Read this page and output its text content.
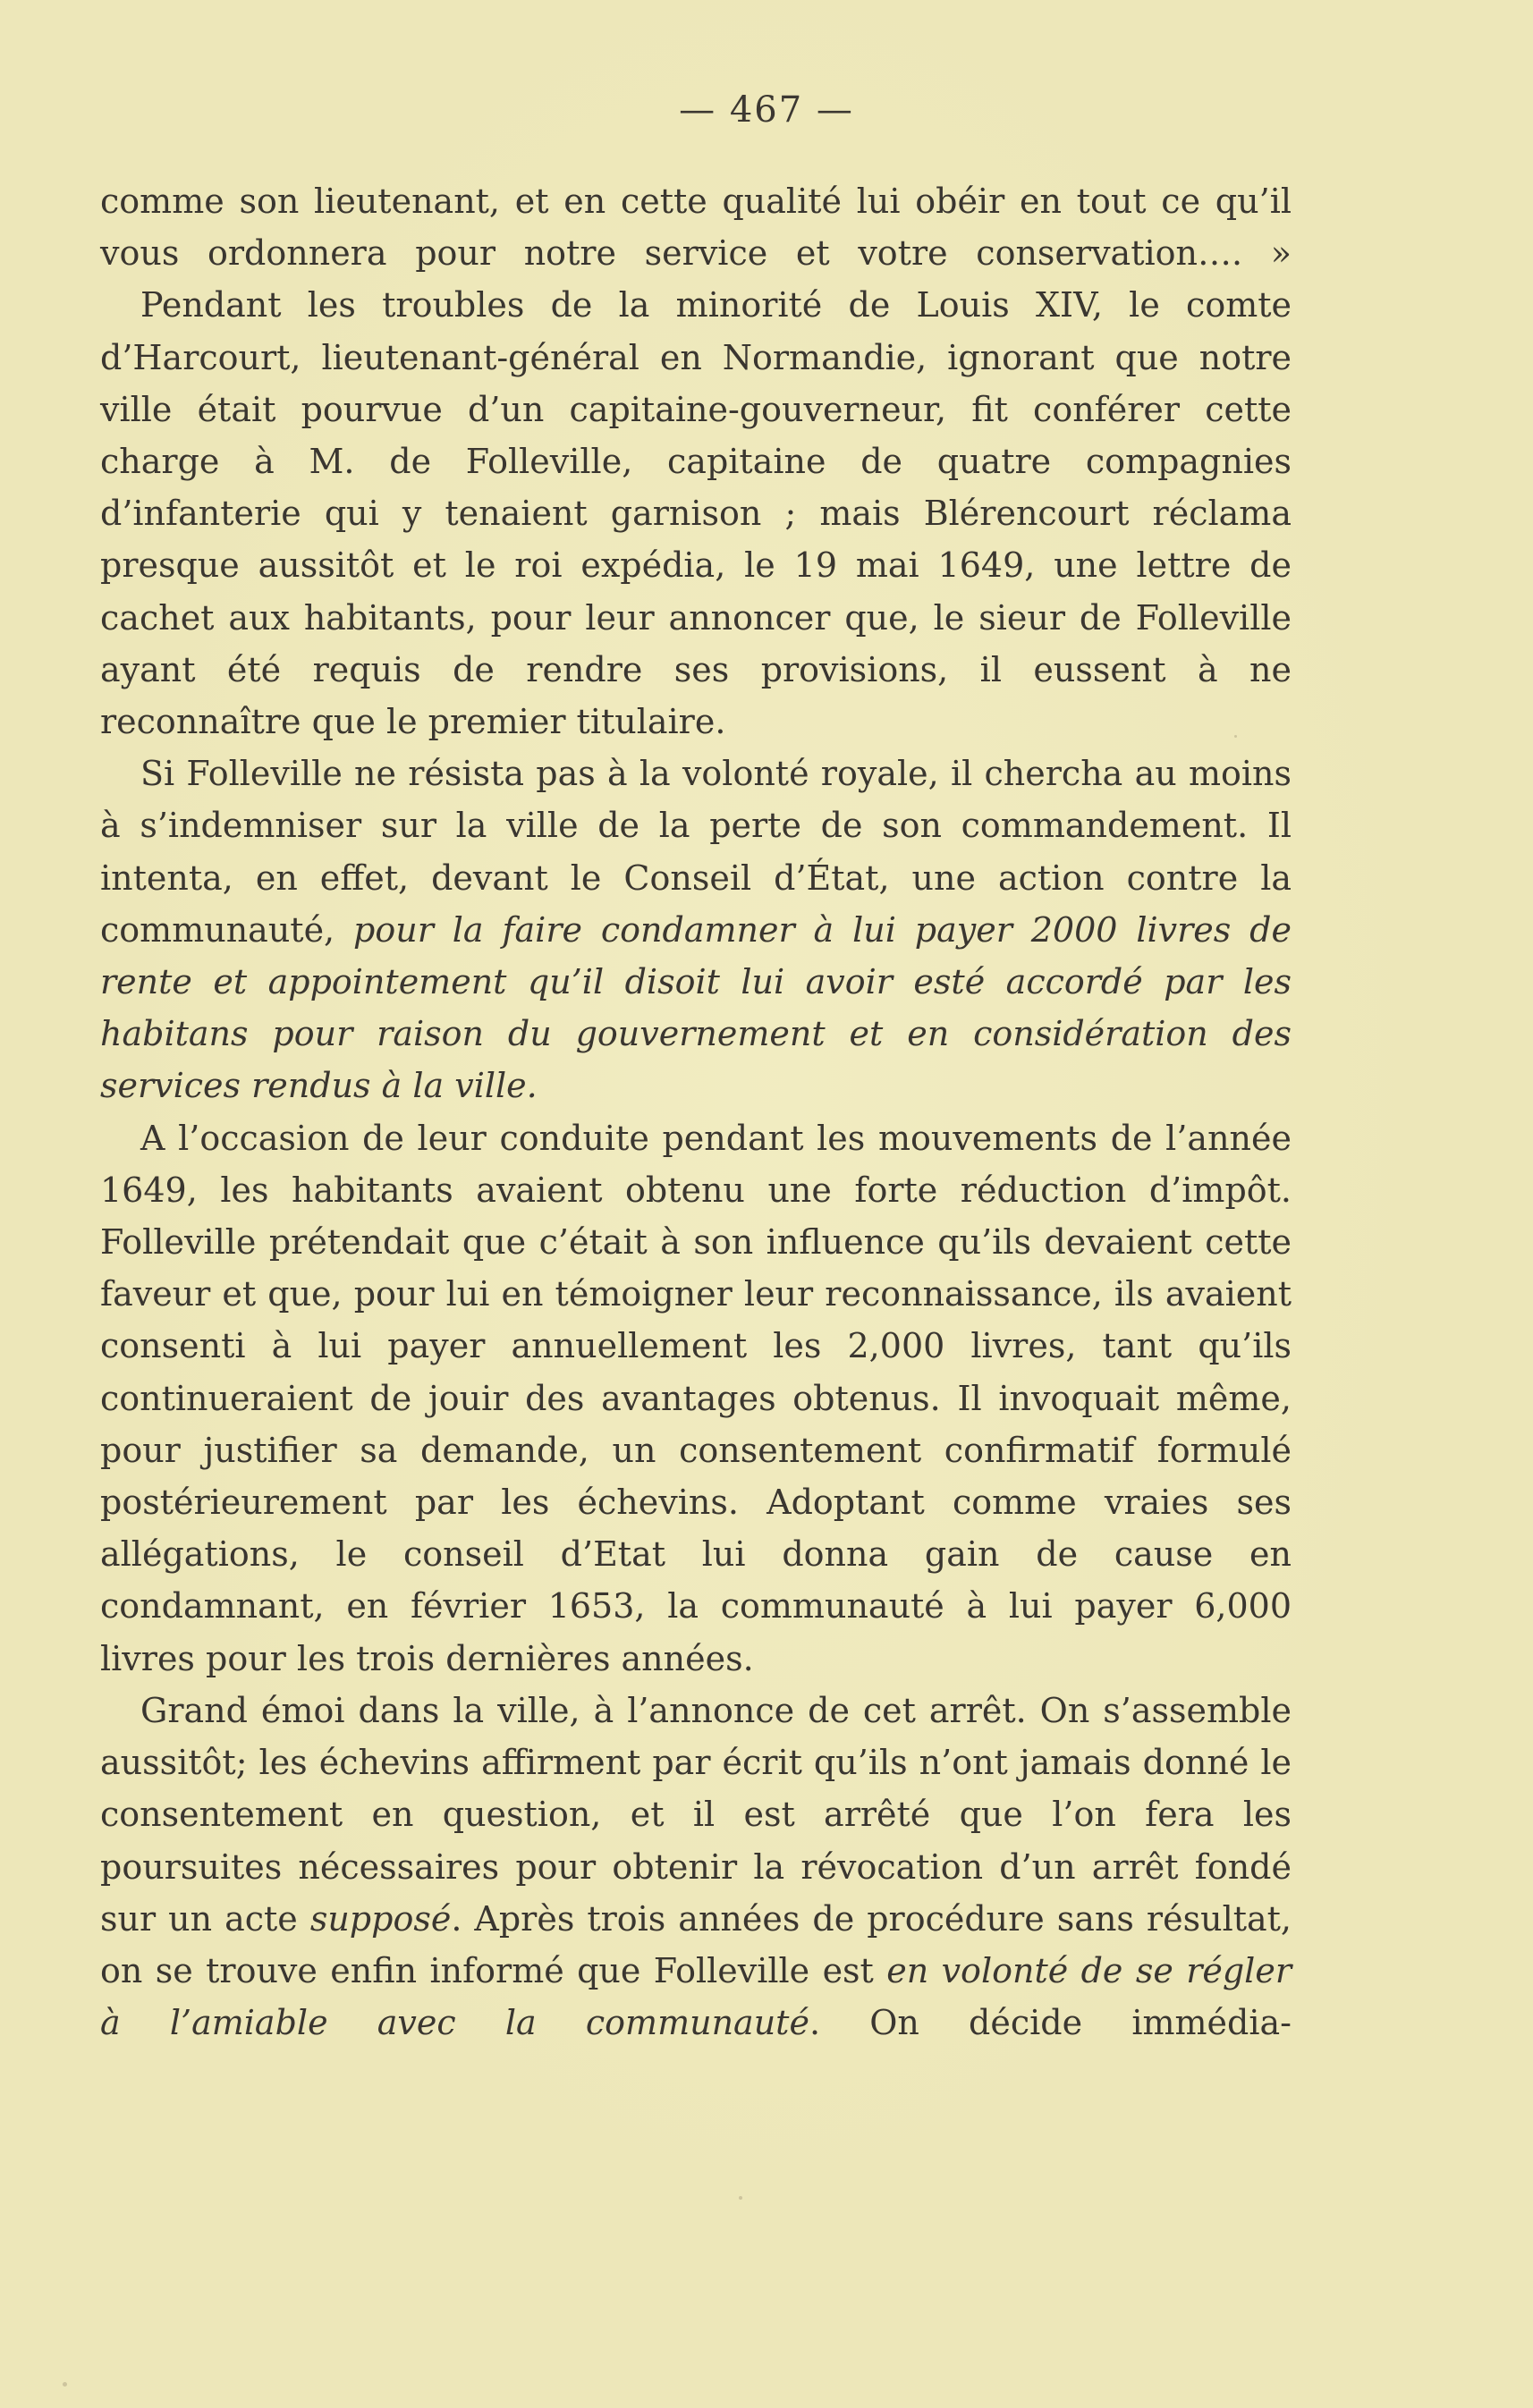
— 467 —

comme son lieutenant, et en cette qualité lui obéir en tout ce qu’il vous ordonnera pour notre service et votre conservation…. »

Pendant les troubles de la minorité de Louis XIV, le comte d’Harcourt, lieutenant-général en Normandie, ignorant que notre ville était pourvue d’un capitaine-gouverneur, fit conférer cette charge à M. de Folleville, capitaine de quatre compagnies d’infanterie qui y tenaient garnison ; mais Blérencourt réclama presque aussitôt et le roi expédia, le 19 mai 1649, une lettre de cachet aux habitants, pour leur annoncer que, le sieur de Folleville ayant été requis de rendre ses provisions, il eussent à ne reconnaître que le premier titulaire.

Si Folleville ne résista pas à la volonté royale, il chercha au moins à s’indemniser sur la ville de la perte de son commandement. Il intenta, en effet, devant le Conseil d’État, une action contre la communauté, pour la faire condamner à lui payer 2000 livres de rente et appointement qu’il disoit lui avoir esté accordé par les habitans pour raison du gouvernement et en considération des services rendus à la ville.

A l’occasion de leur conduite pendant les mouvements de l’année 1649, les habitants avaient obtenu une forte réduction d’impôt. Folleville prétendait que c’était à son influence qu’ils devaient cette faveur et que, pour lui en témoigner leur reconnaissance, ils avaient consenti à lui payer annuellement les 2,000 livres, tant qu’ils continueraient de jouir des avantages obtenus. Il invoquait même, pour justifier sa demande, un consentement confirmatif formulé postérieurement par les échevins. Adoptant comme vraies ses allégations, le conseil d’Etat lui donna gain de cause en condamnant, en février 1653, la communauté à lui payer 6,000 livres pour les trois dernières années.

Grand émoi dans la ville, à l’annonce de cet arrêt. On s’assemble aussitôt; les échevins affirment par écrit qu’ils n’ont jamais donné le consentement en question, et il est arrêté que l’on fera les poursuites nécessaires pour obtenir la révocation d’un arrêt fondé sur un acte supposé. Après trois années de procédure sans résultat, on se trouve enfin informé que Folleville est en volonté de se régler à l’amiable avec la communauté. On décide immédia-
